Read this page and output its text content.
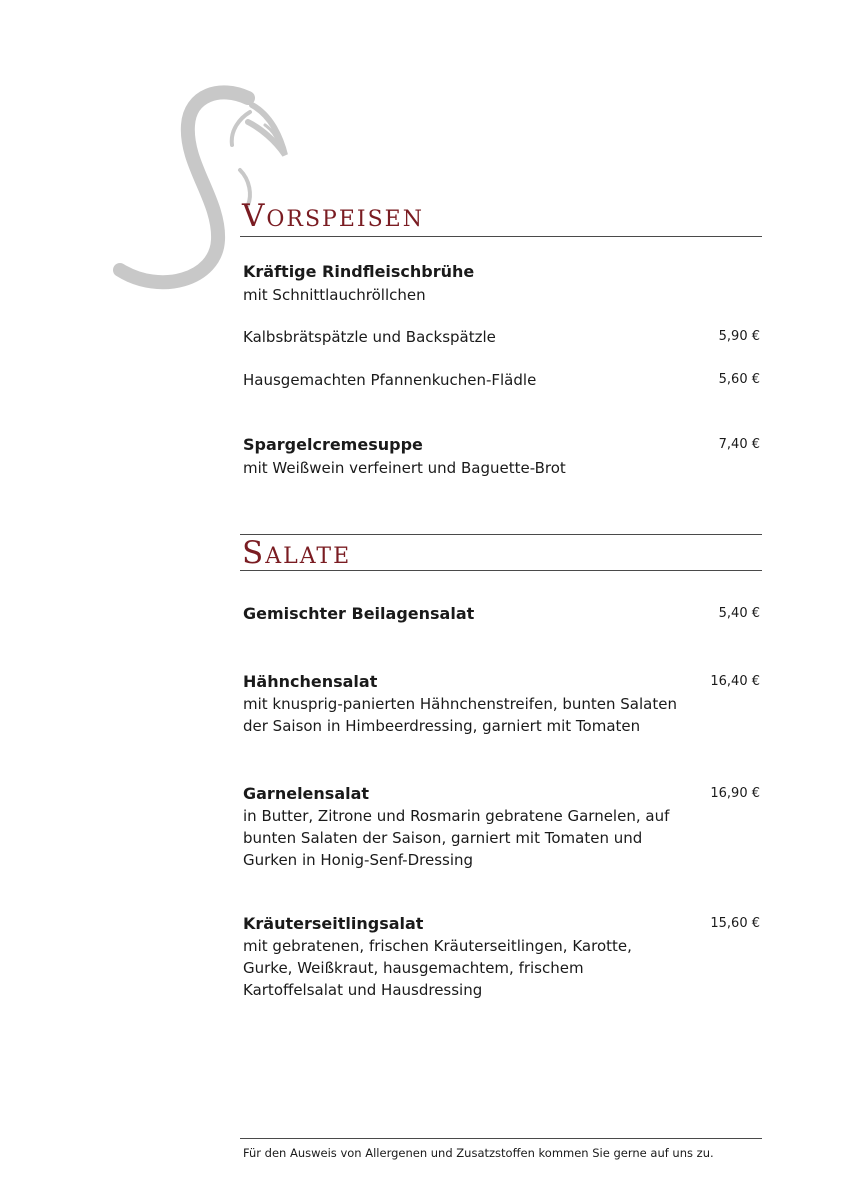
Vorspeisen
Kräftige Rindfleischbrühe
mit Schnittlauchröllchen
Kalbsbrätspätzle und Backspätzle	5,90 €
Hausgemachten Pfannenkuchen-Flädle	5,60 €
Spargelcremesuppe	7,40 €
mit Weißwein verfeinert und Baguette-Brot
Salate
Gemischter Beilagensalat	5,40 €
Hähnchensalat	16,40 €
mit knusprig-panierten Hähnchenstreifen, bunten Salaten
der Saison in Himbeerdressing, garniert mit Tomaten
Garnelensalat	16,90 €
in Butter, Zitrone und Rosmarin gebratene Garnelen, auf
bunten Salaten der Saison, garniert mit Tomaten und
Gurken in Honig-Senf-Dressing
Kräuterseitlingsalat	15,60 €
mit gebratenen, frischen Kräuterseitlingen, Karotte,
Gurke, Weißkraut, hausgemachtem, frischem
Kartoffelsalat und Hausdressing
Für den Ausweis von Allergenen und Zusatzstoffen kommen Sie gerne auf uns zu.
